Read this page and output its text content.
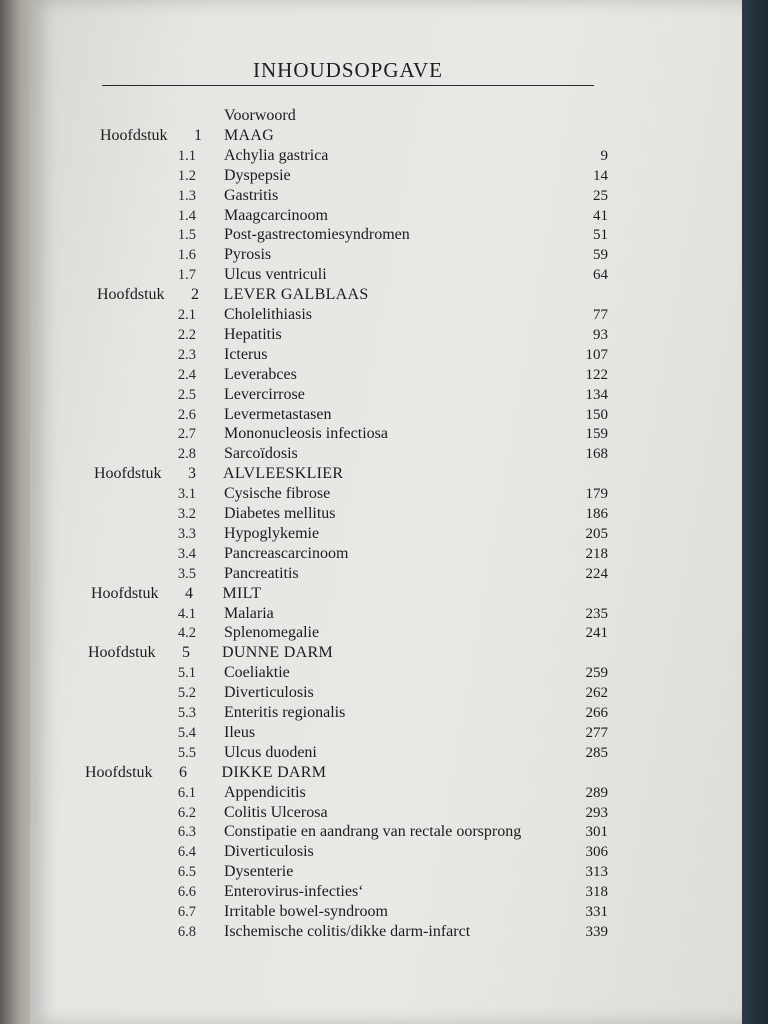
INHOUDSOPGAVE
Voorwoord
Hoofdstuk 1 MAAG
1.1 Achylia gastrica	9
1.2 Dyspepsie	14
1.3 Gastritis	25
1.4 Maagcarcinoom	41
1.5 Post-gastrectomiesyndromen	51
1.6 Pyrosis	59
1.7 Ulcus ventriculi	64
Hoofdstuk 2 LEVER GALBLAAS
2.1 Cholelithiasis	77
2.2 Hepatitis	93
2.3 Icterus	107
2.4 Leverabces	122
2.5 Levercirrose	134
2.6 Levermetastasen	150
2.7 Mononucleosis infectiosa	159
2.8 Sarcoïdosis	168
Hoofdstuk 3 ALVLEESKLIER
3.1 Cysische fibrose	179
3.2 Diabetes mellitus	186
3.3 Hypoglykemie	205
3.4 Pancreascarcinoom	218
3.5 Pancreatitis	224
Hoofdstuk 4 MILT
4.1 Malaria	235
4.2 Splenomegalie	241
Hoofdstuk 5 DUNNE DARM
5.1 Coeliaktie	259
5.2 Diverticulosis	262
5.3 Enteritis regionalis	266
5.4 Ileus	277
5.5 Ulcus duodeni	285
Hoofdstuk 6 DIKKE DARM
6.1 Appendicitis	289
6.2 Colitis Ulcerosa	293
6.3 Constipatie en aandrang van rectale oorsprong	301
6.4 Diverticulosis	306
6.5 Dysenterie	313
6.6 Enterovirus-infecties‘	318
6.7 Irritable bowel-syndroom	331
6.8 Ischemische colitis/dikke darm-infarct	339
